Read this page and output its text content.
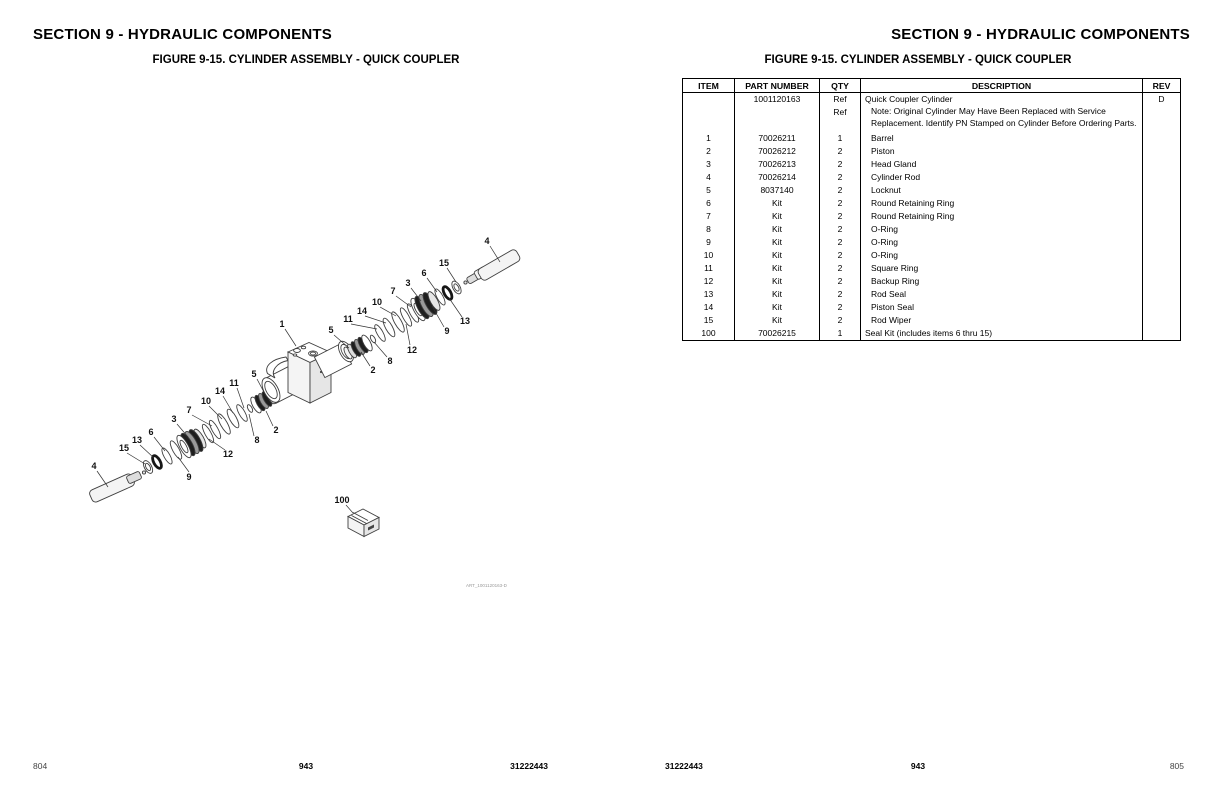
SECTION 9 - HYDRAULIC COMPONENTS
FIGURE 9-15. CYLINDER ASSEMBLY - QUICK COUPLER
4
15
6
3
7
10
14
11
5
1	13
9
12
8
2
5
11
14
10
7
3
6
13
15
4
2
8
12
9
100
ART_1001120163-D
804	943	31222443
SECTION 9 - HYDRAULIC COMPONENTS
FIGURE 9-15. CYLINDER ASSEMBLY - QUICK COUPLER
ITEM	PART NUMBER	QTY	DESCRIPTION	REV
	1001120163	Ref	Quick Coupler Cylinder	D
		Ref	Note: Original Cylinder May Have Been Replaced with Service Replacement. Identify PN Stamped on Cylinder Before Ordering Parts.	
1	70026211	1	Barrel	
2	70026212	2	Piston	
3	70026213	2	Head Gland	
4	70026214	2	Cylinder Rod	
5	8037140	2	Locknut	
6	Kit	2	Round Retaining Ring	
7	Kit	2	Round Retaining Ring	
8	Kit	2	O-Ring	
9	Kit	2	O-Ring	
10	Kit	2	O-Ring	
11	Kit	2	Square Ring	
12	Kit	2	Backup Ring	
13	Kit	2	Rod Seal	
14	Kit	2	Piston Seal	
15	Kit	2	Rod Wiper	
100	70026215	1	Seal Kit (includes items 6 thru 15)	
31222443	943	805
